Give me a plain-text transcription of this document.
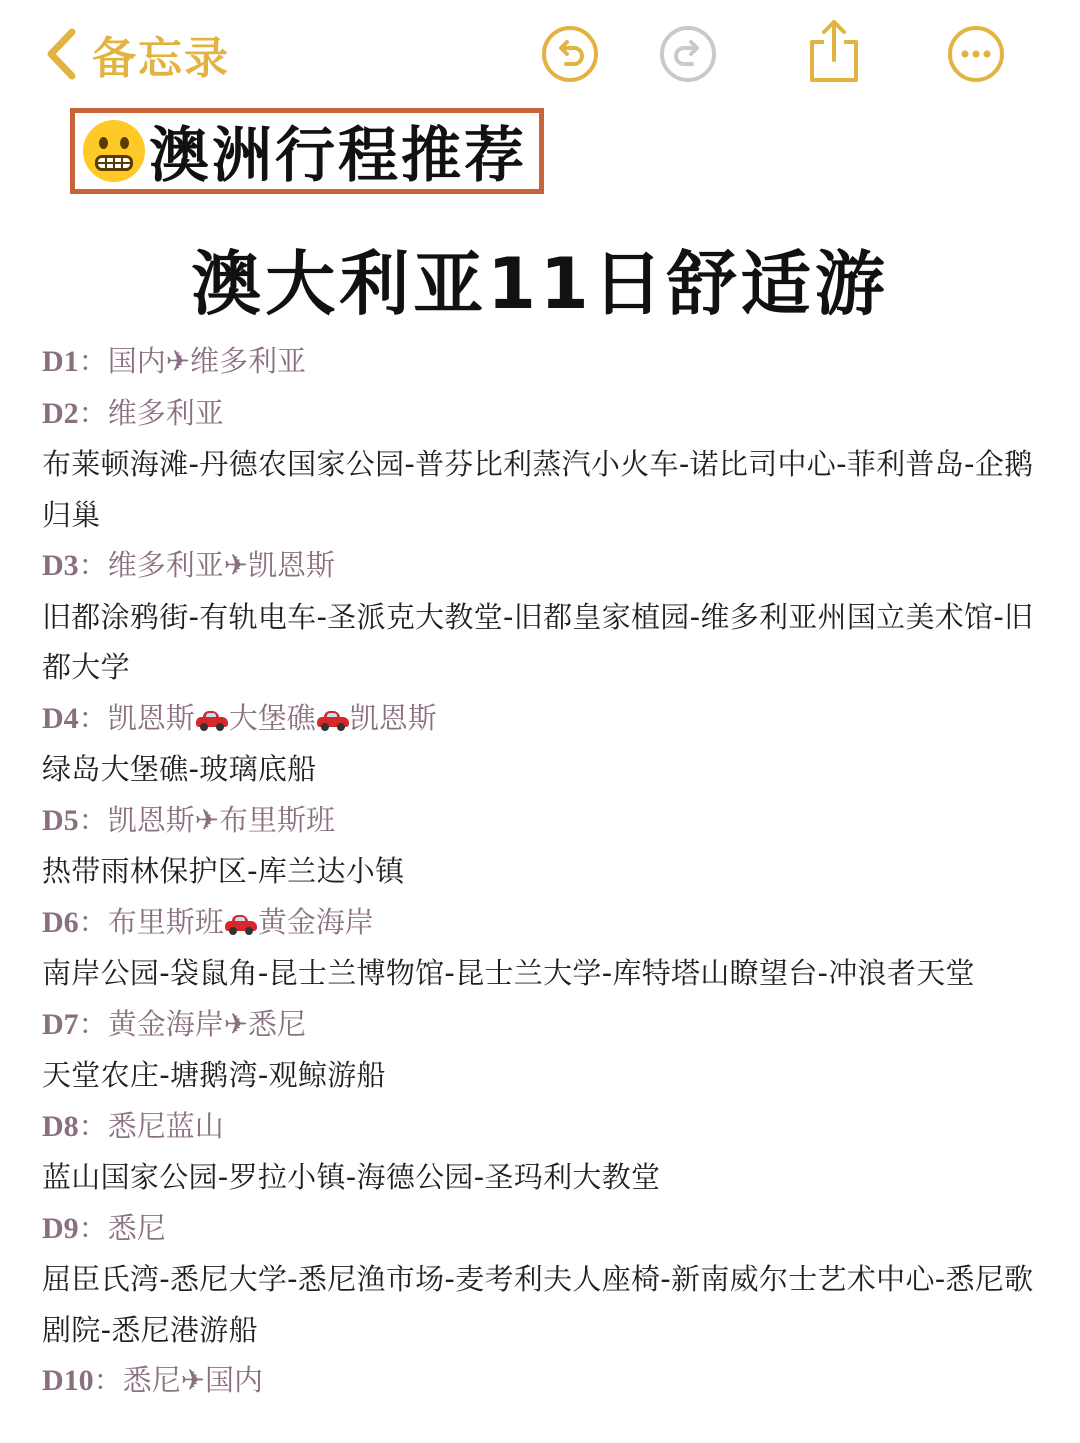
备忘录
澳洲行程推荐
澳大利亚11日舒适游
D1：国内✈维多利亚
D2：维多利亚
布莱顿海滩-丹德农国家公园-普芬比利蒸汽小火车-诺比司中心-菲利普岛-企鹅归巢
D3：维多利亚✈凯恩斯
旧都涂鸦街-有轨电车-圣派克大教堂-旧都皇家植园-维多利亚州国立美术馆-旧都大学
D4：凯恩斯 大堡礁 凯恩斯
绿岛大堡礁-玻璃底船
D5：凯恩斯✈布里斯班
热带雨林保护区-库兰达小镇
D6：布里斯班 黄金海岸
南岸公园-袋鼠角-昆士兰博物馆-昆士兰大学-库特塔山瞭望台-冲浪者天堂
D7：黄金海岸✈悉尼
天堂农庄-塘鹅湾-观鲸游船
D8：悉尼蓝山
蓝山国家公园-罗拉小镇-海德公园-圣玛利大教堂
D9：悉尼
屈臣氏湾-悉尼大学-悉尼渔市场-麦考利夫人座椅-新南威尔士艺术中心-悉尼歌剧院-悉尼港游船
D10：悉尼✈国内
